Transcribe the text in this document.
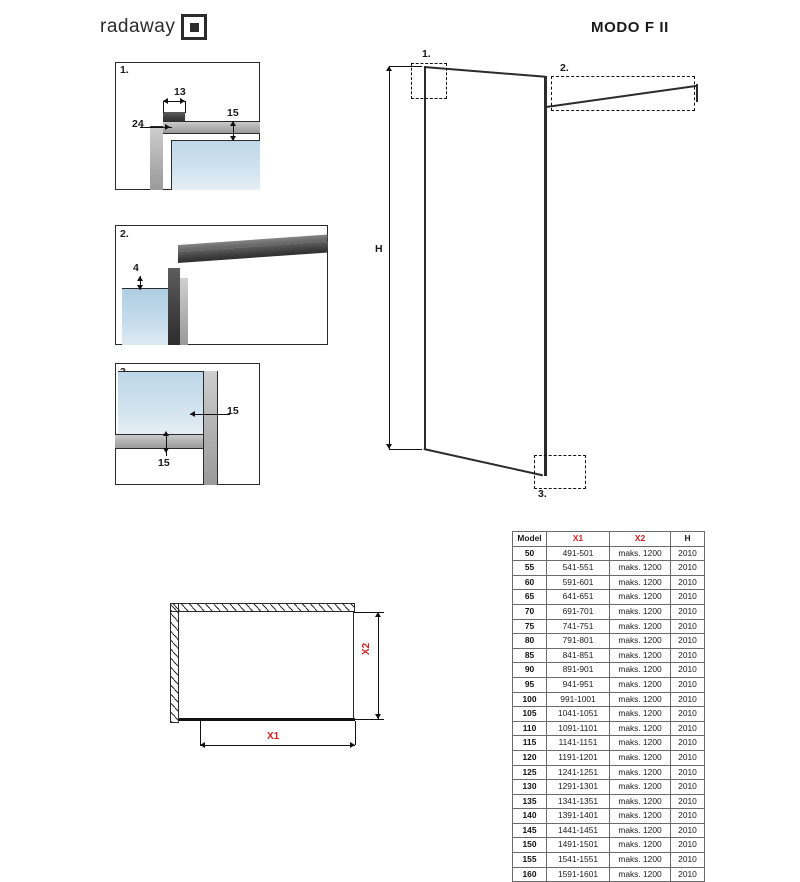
radaway	MODO F II
1.
13
24
15
2.
4
15
15
1.
2.
3.
H
X1
X2
Model	X1	X2	H
50	491-501	maks. 1200	2010
55	541-551	maks. 1200	2010
60	591-601	maks. 1200	2010
65	641-651	maks. 1200	2010
70	691-701	maks. 1200	2010
75	741-751	maks. 1200	2010
80	791-801	maks. 1200	2010
85	841-851	maks. 1200	2010
90	891-901	maks. 1200	2010
95	941-951	maks. 1200	2010
100	991-1001	maks. 1200	2010
105	1041-1051	maks. 1200	2010
110	1091-1101	maks. 1200	2010
115	1141-1151	maks. 1200	2010
120	1191-1201	maks. 1200	2010
125	1241-1251	maks. 1200	2010
130	1291-1301	maks. 1200	2010
135	1341-1351	maks. 1200	2010
140	1391-1401	maks. 1200	2010
145	1441-1451	maks. 1200	2010
150	1491-1501	maks. 1200	2010
155	1541-1551	maks. 1200	2010
160	1591-1601	maks. 1200	2010
